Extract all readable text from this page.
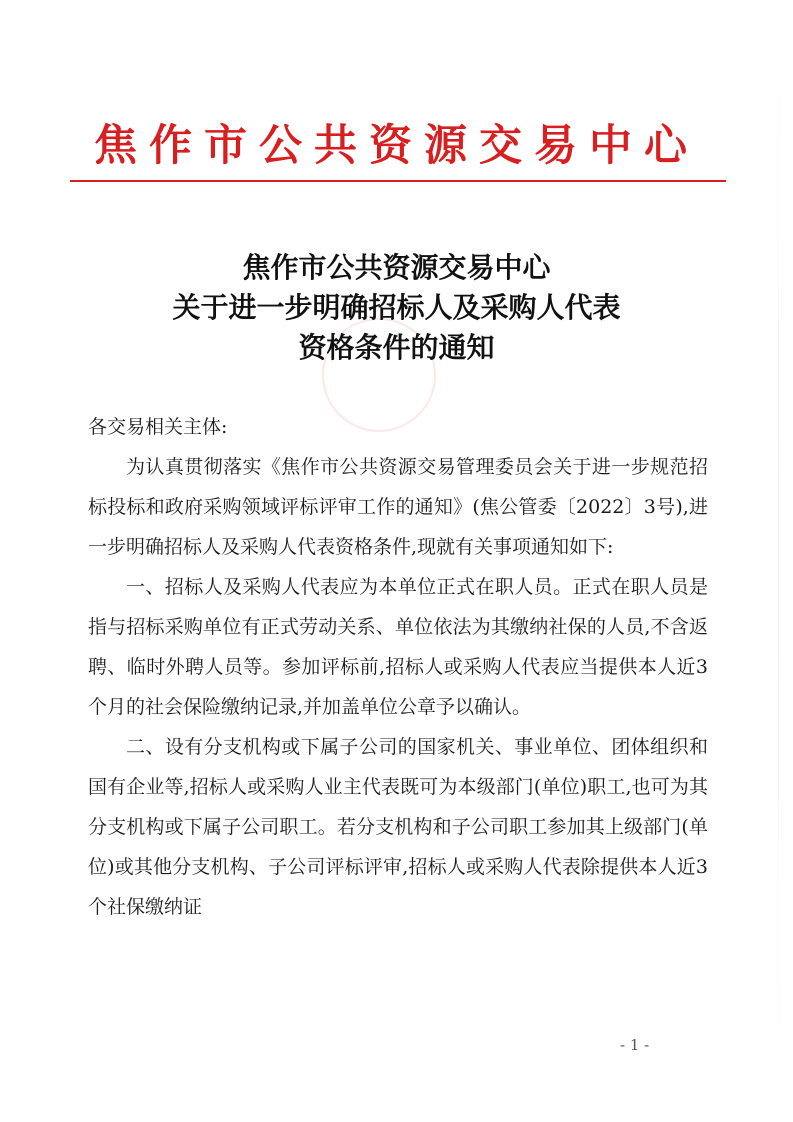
焦作市公共资源交易中心
焦作市公共资源交易中心
关于进一步明确招标人及采购人代表
资格条件的通知

各交易相关主体:

为认真贯彻落实《焦作市公共资源交易管理委员会关于进一步规范招标投标和政府采购领域评标评审工作的通知》(焦公管委〔2022〕3号),进一步明确招标人及采购人代表资格条件,现就有关事项通知如下:

一、招标人及采购人代表应为本单位正式在职人员。正式在职人员是指与招标采购单位有正式劳动关系、单位依法为其缴纳社保的人员,不含返聘、临时外聘人员等。参加评标前,招标人或采购人代表应当提供本人近3个月的社会保险缴纳记录,并加盖单位公章予以确认。

二、设有分支机构或下属子公司的国家机关、事业单位、团体组织和国有企业等,招标人或采购人业主代表既可为本级部门(单位)职工,也可为其分支机构或下属子公司职工。若分支机构和子公司职工参加其上级部门(单位)或其他分支机构、子公司评标评审,招标人或采购人代表除提供本人近3个社保缴纳证

- 1 -
